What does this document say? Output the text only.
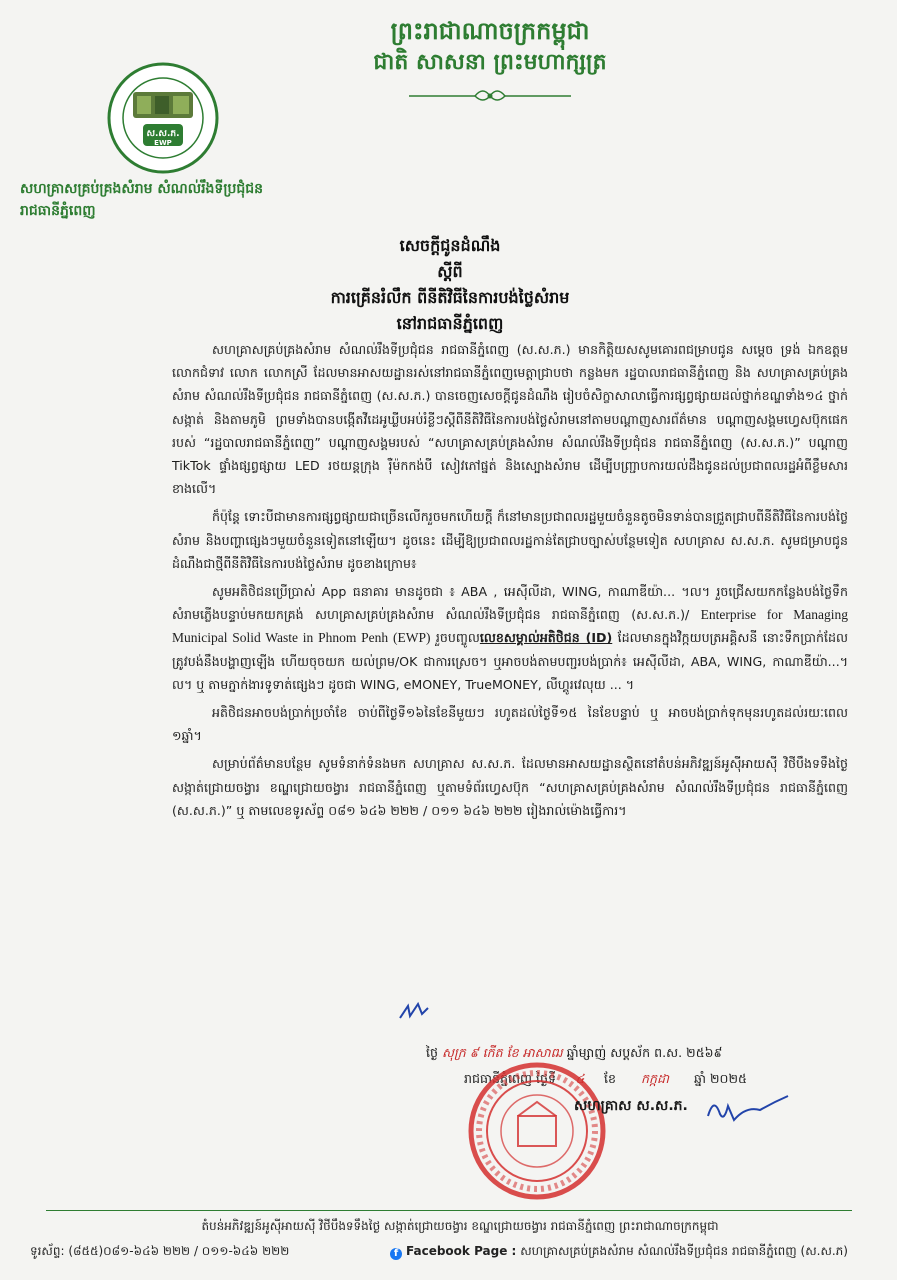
ព្រះរាជាណាចក្រកម្ពុជា
ជាតិ សាសនា ព្រះមហាក្សត្រ
ស.ស.ភ.
EWP
សហគ្រាសគ្រប់គ្រងសំរាម សំណល់រឹងទីប្រជុំជន
រាជធានីភ្នំពេញ
សេចក្ដីជូនដំណឹង
ស្ដីពី
ការគ្រើនរំលឹក ពីនីតិវិធីនៃការបង់ថ្លៃសំរាម
នៅរាជធានីភ្នំពេញ

សហគ្រាសគ្រប់គ្រងសំរាម សំណល់រឹងទីប្រជុំជន រាជធានីភ្នំពេញ (ស.ស.ភ.) មានកិត្តិយសសូមគោរពជម្រាបជូន សម្ដេច ទ្រង់ ឯកឧត្តម លោកជំទាវ លោក លោកស្រី ដែលមានអាសយដ្ឋានរស់នៅរាជធានីភ្នំពេញមេត្តាជ្រាបថា កន្លងមក រដ្ឋបាលរាជធានីភ្នំពេញ និង សហគ្រាសគ្រប់គ្រងសំរាម សំណល់រឹងទីប្រជុំជន រាជធានីភ្នំពេញ (ស.ស.ភ.) បានចេញសេចក្ដីជូនដំណឹង រៀបចំសិក្ខាសាលាធ្វើការផ្សព្វផ្សាយដល់ថ្នាក់ខណ្ឌទាំង១៤ ថ្នាក់សង្កាត់ និងតាមភូមិ ព្រមទាំងបានបង្កើតវីដេអូឃ្លីបអប់រំខ្លីៗស្ដីពីនីតិវិធីនៃការបង់ថ្លៃសំរាមនៅតាមបណ្ដាញសារព័ត៌មាន បណ្ដាញសង្គមហ្វេសប៊ុកផេករបស់ “រដ្ឋបាលរាជធានីភ្នំពេញ” បណ្ដាញសង្គមរបស់ “សហគ្រាសគ្រប់គ្រងសំរាម សំណល់រឹងទីប្រជុំជន រាជធានីភ្នំពេញ (ស.ស.ភ.)” បណ្ដាញ TikTok ផ្ទាំងផ្សព្វផ្សាយ LED រថយន្តក្រុង រ៉ឺម៉កកង់បី សៀវភៅផ្នត់ និងស្បោងសំរាម ដើម្បីបញ្ជ្រាបការយល់ដឹងជូនដល់ប្រជាពលរដ្ឋអំពីខ្លឹមសារខាងលើ។

ក៏ប៉ុន្តែ ទោះបីជាមានការផ្សព្វផ្សាយជាច្រើនលើករួចមកហើយក្ដី ក៏នៅមានប្រជាពលរដ្ឋមួយចំនួនតូចមិនទាន់បានជ្រួតជ្រាបពីនីតិវិធីនៃការបង់ថ្លៃសំរាម និងបញ្ហាផ្សេងៗមួយចំនួនទៀតនៅឡើយ។ ដូចនេះ ដើម្បីឱ្យប្រជាពលរដ្ឋកាន់តែជ្រាបច្បាស់បន្ថែមទៀត សហគ្រាស ស.ស.ភ. សូមជម្រាបជូនដំណឹងជាថ្មីពីនីតិវិធីនៃការបង់ថ្លៃសំរាម ដូចខាងក្រោម៖

សូមអតិថិជនប្រើប្រាស់ App ធនាគារ មានដូចជា ៖ ABA , អេស៊ីលីដា, WING, កាណាឌីយ៉ា... ។ល។ រួចជ្រើសយកកន្លែងបង់ថ្លៃទឹក សំរាមភ្លើងបន្ទាប់មកយកគ្រង់ សហគ្រាសគ្រប់គ្រងសំរាម សំណល់រឹងទីប្រជុំជន រាជធានីភ្នំពេញ (ស.ស.ភ.)/ Enterprise for Managing Municipal Solid Waste in Phnom Penh (EWP) រួចបញ្ចូលលេខសម្គាល់អតិថិជន (ID) ដែលមានក្នុងវិក្កយបត្រអគ្គិសនី នោះទឹកប្រាក់ដែលត្រូវបង់នឹងបង្ហាញឡើង ហើយចុចយក យល់ព្រម/OK ជាការស្រេច។ ឬអាចបង់តាមបញ្ជរបង់ប្រាក់៖ អេស៊ីលីដា, ABA, WING, កាណាឌីយ៉ា...។ល។ ឬ តាមភ្នាក់ងារទូទាត់ផ្សេងៗ ដូចជា WING, eMONEY, TrueMONEY, លីហ្គូរវេលុយ ... ។

អតិថិជនអាចបង់ប្រាក់ប្រចាំខែ ចាប់ពីថ្ងៃទី១៦នៃខែនីមួយៗ រហូតដល់ថ្ងៃទី១៥ នៃខែបន្ទាប់ ឬ អាចបង់ប្រាក់ទុកមុនរហូតដល់រយៈពេល ១ឆ្នាំ។

សម្រាប់ព័ត៌មានបន្ថែម សូមទំនាក់ទំនងមក សហគ្រាស ស.ស.ភ. ដែលមានអាសយដ្ឋានស្ថិតនៅតំបន់អភិវឌ្ឍន៍អូស៊ីអាយស៊ី វិថីបឹងទទឹងថ្ងៃ សង្កាត់ជ្រោយចង្វារ ខណ្ឌជ្រោយចង្វារ រាជធានីភ្នំពេញ ឬតាមទំព័រហ្វេសប៊ុក “សហគ្រាសគ្រប់គ្រងសំរាម សំណល់រឹងទីប្រជុំជន រាជធានីភ្នំពេញ (ស.ស.ភ.)” ឬ តាមលេខទូរស័ព្ទ ០៨១ ៦៤៦ ២២២ / ០១១ ៦៤៦ ២២២ រៀងរាល់ម៉ោងធ្វើការ។

ថ្ងៃ សុក្រ ៩ កើត ខែ អាសាឍ ឆ្នាំម្សាញ់ សប្តស័ក ព.ស. ២៥៦៩
រាជធានីភ្នំពេញ ថ្ងៃទី ៤ ខែ កក្កដា ឆ្នាំ ២០២៥
សហគ្រាស ស.ស.ភ.
តំបន់អភិវឌ្ឍន៍អូស៊ីអាយស៊ី វិថីបឹងទទឹងថ្ងៃ សង្កាត់ជ្រោយចង្វារ ខណ្ឌជ្រោយចង្វារ រាជធានីភ្នំពេញ ព្រះរាជាណាចក្រកម្ពុជា
ទូរស័ព្ទ: (៨៥៥)០៨១-៦៤៦ ២២២ / ០១១-៦៤៦ ២២២	f Facebook Page : សហគ្រាសគ្រប់គ្រងសំរាម សំណល់រឹងទីប្រជុំជន រាជធានីភ្នំពេញ (ស.ស.ភ)
